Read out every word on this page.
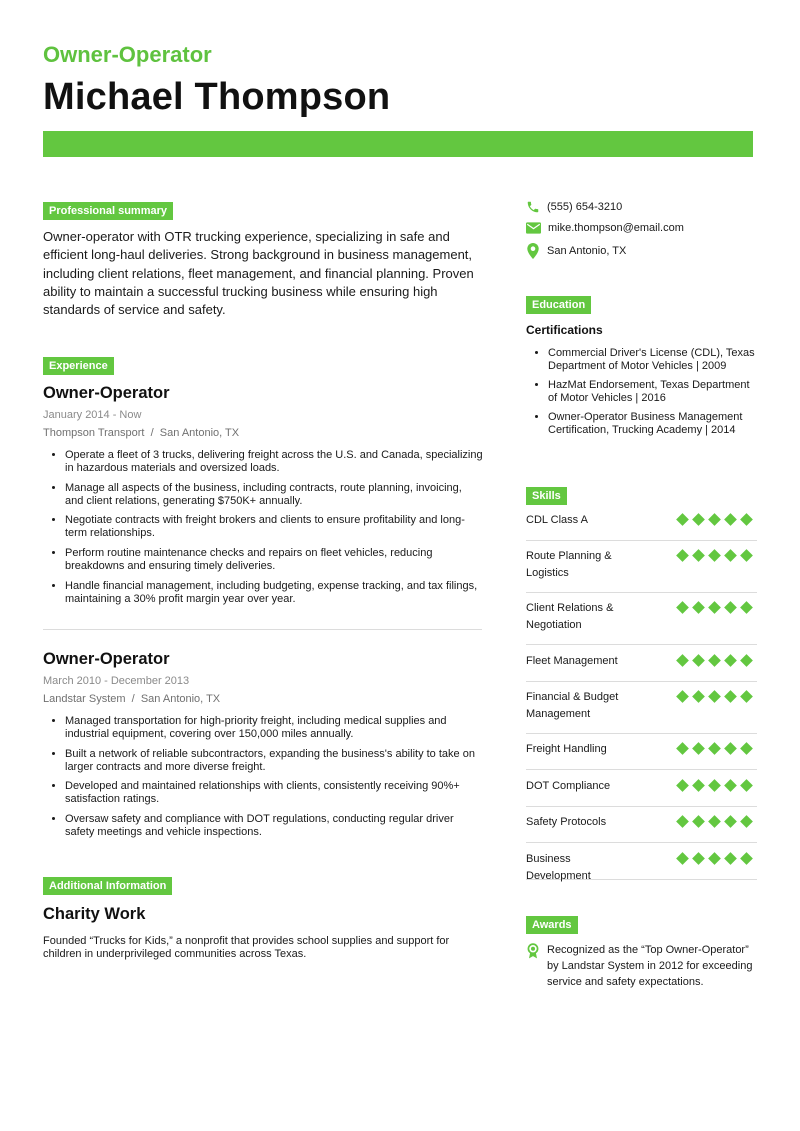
Owner-Operator
Michael Thompson
Professional summary
Owner-operator with OTR trucking experience, specializing in safe and efficient long-haul deliveries. Strong background in business management, including client relations, fleet management, and financial planning. Proven ability to maintain a successful trucking business while ensuring high standards of service and safety.
Experience
Owner-Operator
January 2014 - Now
Thompson Transport  /  San Antonio, TX
• Operate a fleet of 3 trucks, delivering freight across the U.S. and Canada, specializing in hazardous materials and oversized loads.
• Manage all aspects of the business, including contracts, route planning, invoicing, and client relations, generating $750K+ annually.
• Negotiate contracts with freight brokers and clients to ensure profitability and long-term relationships.
• Perform routine maintenance checks and repairs on fleet vehicles, reducing breakdowns and ensuring timely deliveries.
• Handle financial management, including budgeting, expense tracking, and tax filings, maintaining a 30% profit margin year over year.
Owner-Operator
March 2010 - December 2013
Landstar System  /  San Antonio, TX
• Managed transportation for high-priority freight, including medical supplies and industrial equipment, covering over 150,000 miles annually.
• Built a network of reliable subcontractors, expanding the business's ability to take on larger contracts and more diverse freight.
• Developed and maintained relationships with clients, consistently receiving 90%+ satisfaction ratings.
• Oversaw safety and compliance with DOT regulations, conducting regular driver safety meetings and vehicle inspections.
Additional Information
Charity Work
Founded “Trucks for Kids,” a nonprofit that provides school supplies and support for children in underprivileged communities across Texas.
(555) 654-3210
mike.thompson@email.com
San Antonio, TX
Education
Certifications
• Commercial Driver's License (CDL), Texas Department of Motor Vehicles | 2009
• HazMat Endorsement, Texas Department of Motor Vehicles | 2016
• Owner-Operator Business Management Certification, Trucking Academy | 2014
Skills
CDL Class A
Route Planning & Logistics
Client Relations & Negotiation
Fleet Management
Financial & Budget Management
Freight Handling
DOT Compliance
Safety Protocols
Business Development
Awards
Recognized as the “Top Owner-Operator” by Landstar System in 2012 for exceeding service and safety expectations.
